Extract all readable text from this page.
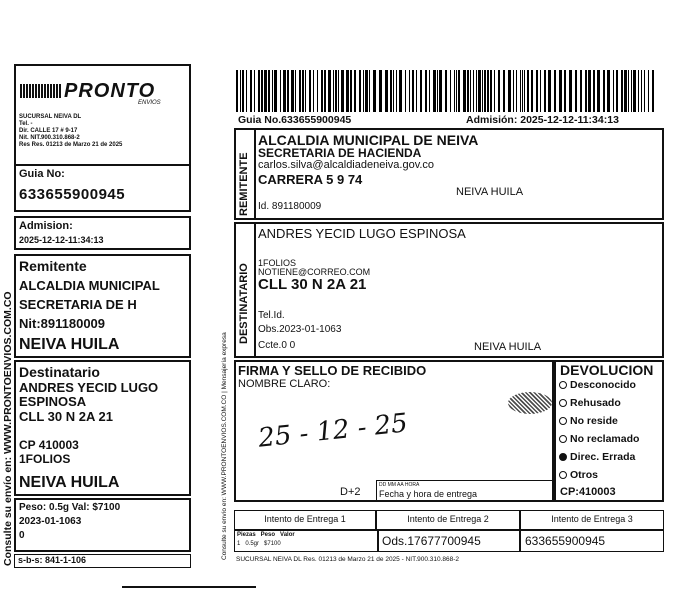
Consulte su envío en: WWW.PRONTOENVIOS.COM.CO
PRONTO
ENVIOS
SUCURSAL NEIVA DL
Tel. -
Dir. CALLE 17 # 9-17
Nit. NIT.900.310.868-2
Res Res. 01213 de Marzo 21 de 2025
Guia No:
633655900945
Admision:
2025-12-12-11:34:13
Remitente
ALCALDIA MUNICIPAL
SECRETARIA DE H
Nit:891180009
NEIVA HUILA
Destinatario
ANDRES YECID LUGO
ESPINOSA
CLL 30 N 2A 21
CP 410003
1FOLIOS
NEIVA HUILA
Peso: 0.5g Val: $7100
2023-01-1063
0
s-b-s: 841-1-106	Consulte su envío en: WWW.PRONTOENVIOS.COM.CO | Mensajería expresa
Guia No.633655900945	Admisión: 2025-12-12-11:34:13
REMITENTE
ALCALDIA MUNICIPAL DE NEIVA
SECRETARIA DE HACIENDA
carlos.silva@alcaldiadeneiva.gov.co
CARRERA 5 9 74
NEIVA HUILA
Id. 891180009
DESTINATARIO
ANDRES YECID LUGO ESPINOSA
1FOLIOS
NOTIENE@CORREO.COM
CLL 30 N 2A 21
Tel.Id.
Obs.2023-01-1063
Ccte.0 0	NEIVA HUILA
FIRMA Y SELLO DE RECIBIDO
NOMBRE CLARO:
25 - 12 - 25
D+2
DD MM AA HORA
Fecha y hora de entrega
DEVOLUCION
Desconocido
Rehusado
No reside
No reclamado
Direc. Errada
Otros
CP:410003
Intento de Entrega 1	Intento de Entrega 2	Intento de Entrega 3
Piezas   Peso   Valor
1   0.5gr   $7100	Ods.17677700945	633655900945
SUCURSAL NEIVA DL Res. 01213 de Marzo 21 de 2025 - NIT.900.310.868-2
